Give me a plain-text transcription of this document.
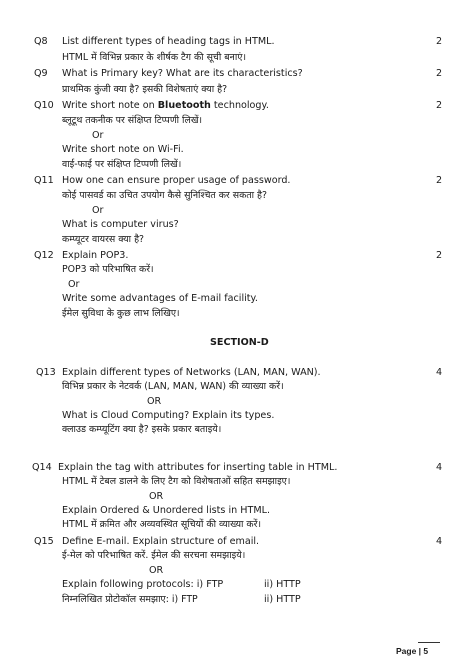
Q8 List different types of heading tags in HTML.
HTML में विभिन्न प्रकार के शीर्षक टैग की सूची बनाएं।
2
Q9 What is Primary key? What are its characteristics?
प्राथमिक कुंजी क्या है? इसकी विशेषताएं क्या है?
2
Q10 Write short note on Bluetooth technology.
ब्लूटूथ तकनीक पर संक्षिप्त टिप्पणी लिखें।
Or
Write short note on Wi-Fi.
वाई-फाई पर संक्षिप्त टिप्पणी लिखें।
2
Q11 How one can ensure proper usage of password.
कोई पासवर्ड का उचित उपयोग कैसे सुनिश्चित कर सकता है?
Or
What is computer virus?
कम्प्यूटर वायरस क्या है?
2
Q12 Explain POP3.
POP3 को परिभाषित करें।
Or
Write some advantages of E-mail facility.
ईमेल सुविधा के कुछ लाभ लिखिए।
2
SECTION-D
Q13 Explain different types of Networks (LAN, MAN, WAN).
विभिन्न प्रकार के नेटवर्क (LAN, MAN, WAN) की व्याख्या करें।
OR
What is Cloud Computing? Explain its types.
क्लाउड कम्प्यूटिंग क्या है? इसके प्रकार बताइये।
4
Q14 Explain the tag with attributes for inserting table in HTML.
HTML में टेबल डालने के लिए टैग को विशेषताओं सहित समझाइए।
OR
Explain Ordered & Unordered lists in HTML.
HTML में क्रमित और अव्यवस्थित सूचियों की व्याख्या करें।
4
Q15 Define E-mail. Explain structure of email.
ई-मेल को परिभाषित करें. ईमेल की सरचना समझाइये।
OR
Explain following protocols: i) FTP	ii) HTTP
निम्नलिखित प्रोटोकॉल समझाए: i) FTP	ii) HTTP
4
Page | 5
